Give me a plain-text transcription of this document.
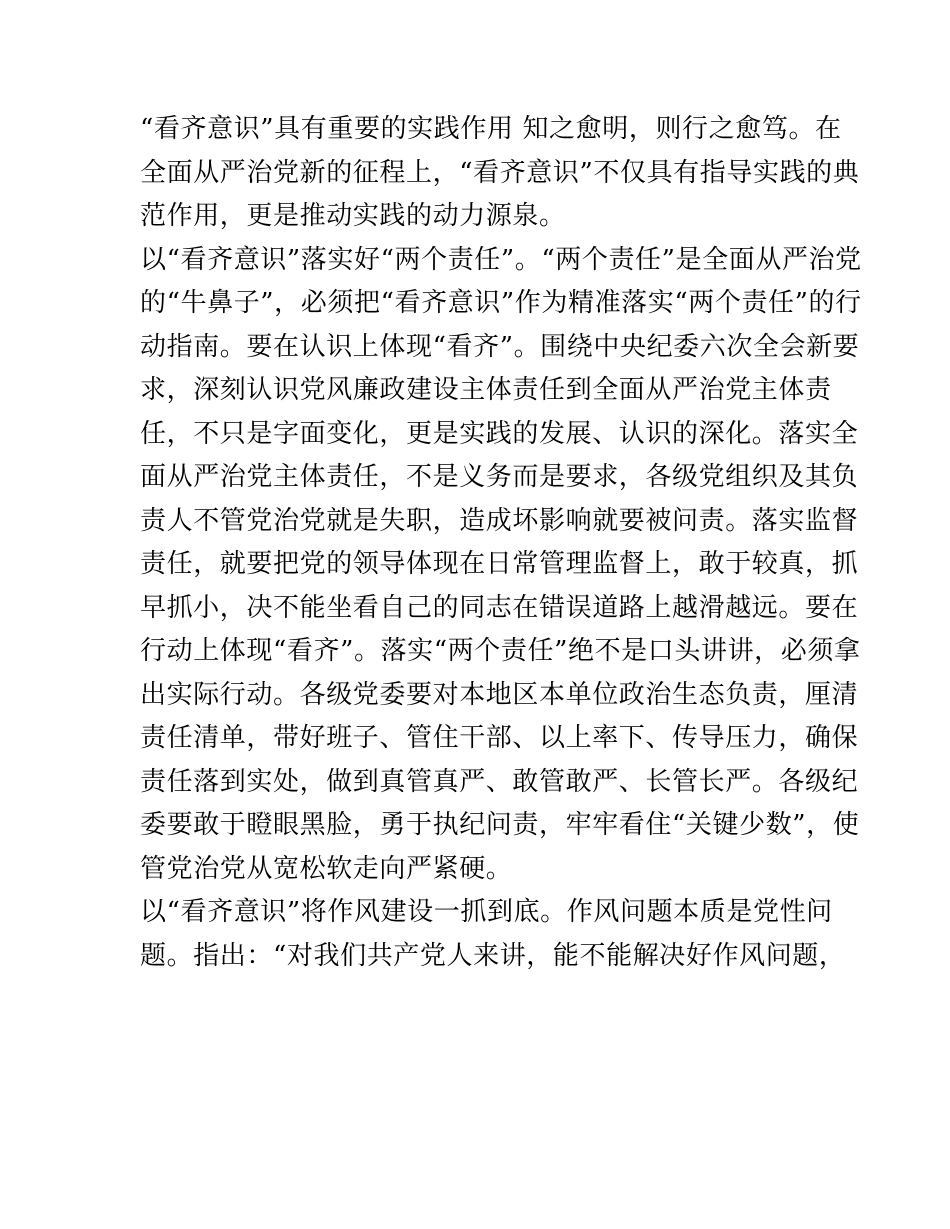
“看齐意识”具有重要的实践作用 知之愈明，则行之愈笃。在
全面从严治党新的征程上，“看齐意识”不仅具有指导实践的典
范作用，更是推动实践的动力源泉。

以“看齐意识”落实好“两个责任”。“两个责任”是全面从严治党
的“牛鼻子”，必须把“看齐意识”作为精准落实“两个责任”的行
动指南。要在认识上体现“看齐”。围绕中央纪委六次全会新要
求，深刻认识党风廉政建设主体责任到全面从严治党主体责
任，不只是字面变化，更是实践的发展、认识的深化。落实全
面从严治党主体责任，不是义务而是要求，各级党组织及其负
责人不管党治党就是失职，造成坏影响就要被问责。落实监督
责任，就要把党的领导体现在日常管理监督上，敢于较真，抓
早抓小，决不能坐看自己的同志在错误道路上越滑越远。要在
行动上体现“看齐”。落实“两个责任”绝不是口头讲讲，必须拿
出实际行动。各级党委要对本地区本单位政治生态负责，厘清
责任清单，带好班子、管住干部、以上率下、传导压力，确保
责任落到实处，做到真管真严、敢管敢严、长管长严。各级纪
委要敢于瞪眼黑脸，勇于执纪问责，牢牢看住“关键少数”，使
管党治党从宽松软走向严紧硬。

以“看齐意识”将作风建设一抓到底。作风问题本质是党性问
题。指出：“对我们共产党人来讲，能不能解决好作风问题，
